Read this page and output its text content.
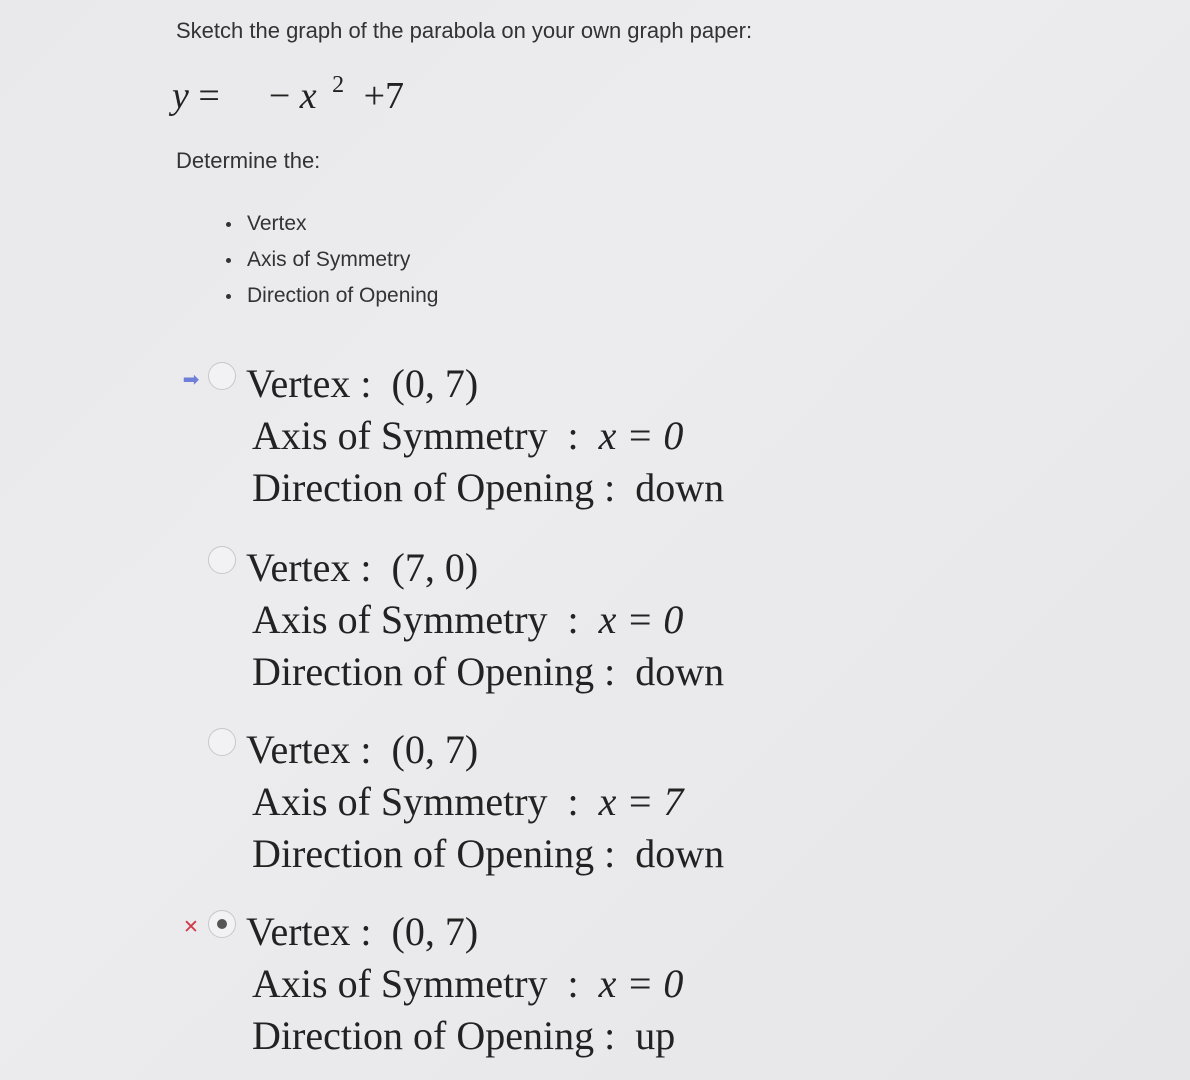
Sketch the graph of the parabola on your own graph paper:
y = − x $^2$ +7
Determine the:
Vertex
Axis of Symmetry
Direction of Opening
➡ Vertex : (0, 7)
Axis of Symmetry : x = 0
Direction of Opening : down
Vertex : (7, 0)
Axis of Symmetry : x = 0
Direction of Opening : down
Vertex : (0, 7)
Axis of Symmetry : x = 7
Direction of Opening : down
✕ Vertex : (0, 7)
Axis of Symmetry : x = 0
Direction of Opening : up
